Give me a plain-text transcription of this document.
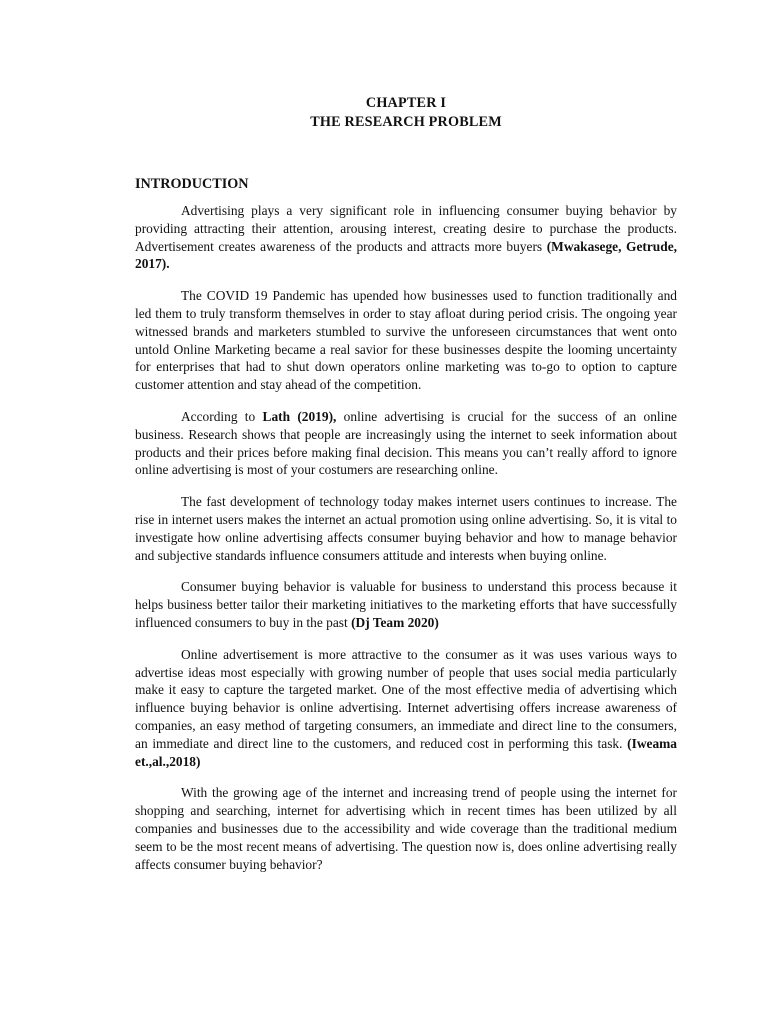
CHAPTER I
THE RESEARCH PROBLEM
INTRODUCTION

Advertising plays a very significant role in influencing consumer buying behavior by providing attracting their attention, arousing interest, creating desire to purchase the products. Advertisement creates awareness of the products and attracts more buyers (Mwakasege, Getrude, 2017).

The COVID 19 Pandemic has upended how businesses used to function traditionally and led them to truly transform themselves in order to stay afloat during period crisis. The ongoing year witnessed brands and marketers stumbled to survive the unforeseen circumstances that went onto untold Online Marketing became a real savior for these businesses despite the looming uncertainty for enterprises that had to shut down operators online marketing was to-go to option to capture customer attention and stay ahead of the competition.

According to Lath (2019), online advertising is crucial for the success of an online business. Research shows that people are increasingly using the internet to seek information about products and their prices before making final decision. This means you can’t really afford to ignore online advertising is most of your costumers are researching online.

The fast development of technology today makes internet users continues to increase. The rise in internet users makes the internet an actual promotion using online advertising. So, it is vital to investigate how online advertising affects consumer buying behavior and how to manage behavior and subjective standards influence consumers attitude and interests when buying online.

Consumer buying behavior is valuable for business to understand this process because it helps business better tailor their marketing initiatives to the marketing efforts that have successfully influenced consumers to buy in the past (Dj Team 2020)

Online advertisement is more attractive to the consumer as it was uses various ways to advertise ideas most especially with growing number of people that uses social media particularly make it easy to capture the targeted market. One of the most effective media of advertising which influence buying behavior is online advertising. Internet advertising offers increase awareness of companies, an easy method of targeting consumers, an immediate and direct line to the consumers, an immediate and direct line to the customers, and reduced cost in performing this task. (Iweama et.,al.,2018)

With the growing age of the internet and increasing trend of people using the internet for shopping and searching, internet for advertising which in recent times has been utilized by all companies and businesses due to the accessibility and wide coverage than the traditional medium seem to be the most recent means of advertising. The question now is, does online advertising really affects consumer buying behavior?
